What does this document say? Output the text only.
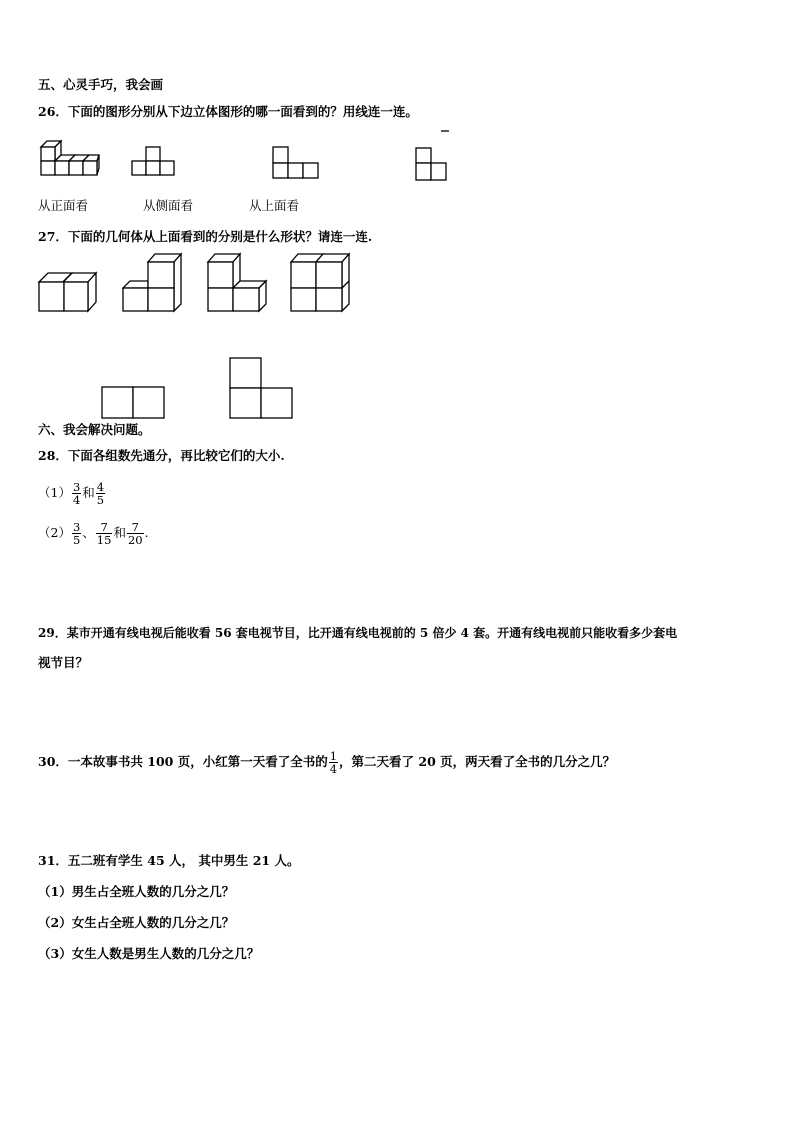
五、心灵手巧，我会画
26．下面的图形分别从下边立体图形的哪一面看到的？用线连一连。
从正面看	从侧面看	从上面看
27．下面的几何体从上面看到的分别是什么形状？请连一连.
六、我会解决问题。
28．下面各组数先通分，再比较它们的大小.
$(1) \frac{3}{4}$ 和 $\frac{4}{5}$
$(2) \frac{3}{5}$ 、 $\frac{7}{15}$ 和 $\frac{7}{20}$ .
29．某市开通有线电视后能收看 56 套电视节目，比开通有线电视前的 5 倍少 4 套。开通有线电视前只能收看多少套电
视节目？
30．一本故事书共 100 页，小红第一天看了全书的 $\frac{1}{4}$ ，第二天看了 20 页，两天看了全书的几分之几？
31．五二班有学生 45 人， 其中男生 21 人。
（1）男生占全班人数的几分之几？
（2）女生占全班人数的几分之几？
（3）女生人数是男生人数的几分之几？
